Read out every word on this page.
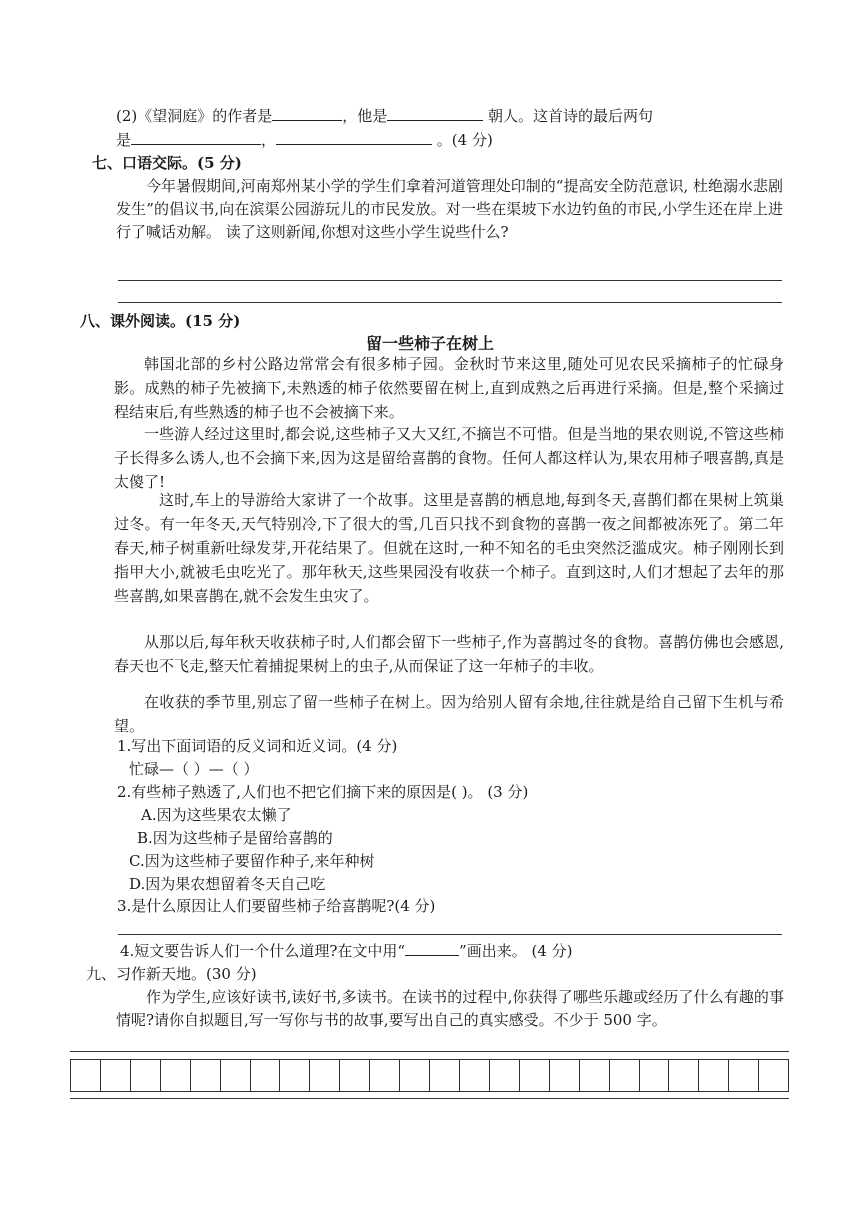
(2)《望洞庭》的作者是	，他是	朝人。这首诗的最后两句
是	，	。(4 分)
七、口语交际。(5 分)
今年暑假期间,河南郑州某小学的学生们拿着河道管理处印制的“提高安全防范意识, 杜绝溺水悲剧发生”的倡议书,向在滨渠公园游玩儿的市民发放。对一些在渠坡下水边钓鱼的市民,小学生还在岸上进行了喊话劝解。 读了这则新闻,你想对这些小学生说些什么?
八、课外阅读。(15 分)
留一些柿子在树上
韩国北部的乡村公路边常常会有很多柿子园。金秋时节来这里,随处可见农民采摘柿子的忙碌身影。成熟的柿子先被摘下,未熟透的柿子依然要留在树上,直到成熟之后再进行采摘。但是,整个采摘过程结束后,有些熟透的柿子也不会被摘下来。
一些游人经过这里时,都会说,这些柿子又大又红,不摘岂不可惜。但是当地的果农则说,不管这些柿子长得多么诱人,也不会摘下来,因为这是留给喜鹊的食物。任何人都这样认为,果农用柿子喂喜鹊,真是太傻了!
这时,车上的导游给大家讲了一个故事。这里是喜鹊的栖息地,每到冬天,喜鹊们都在果树上筑巢过冬。有一年冬天,天气特别冷,下了很大的雪,几百只找不到食物的喜鹊一夜之间都被冻死了。第二年春天,柿子树重新吐绿发芽,开花结果了。但就在这时,一种不知名的毛虫突然泛滥成灾。柿子刚刚长到指甲大小,就被毛虫吃光了。那年秋天,这些果园没有收获一个柿子。直到这时,人们才想起了去年的那些喜鹊,如果喜鹊在,就不会发生虫灾了。
从那以后,每年秋天收获柿子时,人们都会留下一些柿子,作为喜鹊过冬的食物。喜鹊仿佛也会感恩,春天也不飞走,整天忙着捕捉果树上的虫子,从而保证了这一年柿子的丰收。
在收获的季节里,别忘了留一些柿子在树上。因为给别人留有余地,往往就是给自己留下生机与希望。
1.写出下面词语的反义词和近义词。(4 分)
忙碌—（ ）—（ ）
2.有些柿子熟透了,人们也不把它们摘下来的原因是( )。 (3 分)
A.因为这些果农太懒了
B.因为这些柿子是留给喜鹊的
C.因为这些柿子要留作种子,来年种树
D.因为果农想留着冬天自己吃
3.是什么原因让人们要留些柿子给喜鹊呢?(4 分)
4.短文要告诉人们一个什么道理?在文中用“	”画出来。 (4 分)
九、习作新天地。(30 分)
作为学生,应该好读书,读好书,多读书。在读书的过程中,你获得了哪些乐趣或经历了什么有趣的事情呢?请你自拟题目,写一写你与书的故事,要写出自己的真实感受。不少于 500 字。
